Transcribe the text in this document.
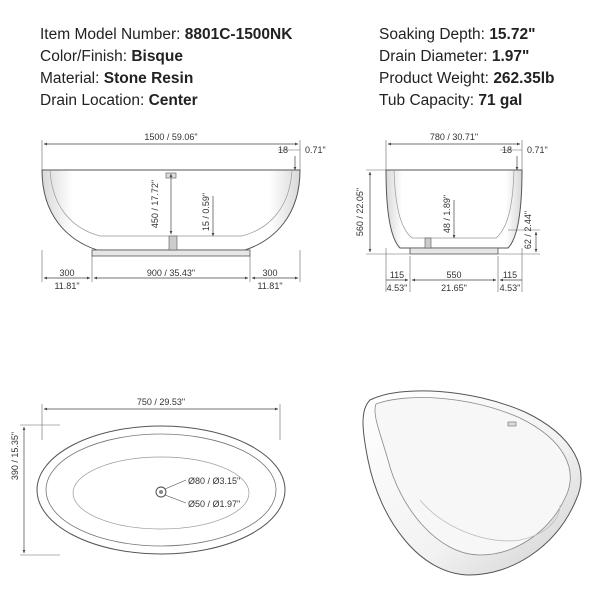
Item Model Number: 8801C-1500NK
Color/Finish: Bisque
Material: Stone Resin
Drain Location: Center
Soaking Depth: 15.72"
Drain Diameter: 1.97"
Product Weight: 262.35lb
Tub Capacity: 71 gal
1500 / 59.06"
18 0.71"
450 / 17.72"	15 / 0.59"
300
11.81"
900 / 35.43"	300
11.81"
780 / 30.71"
18 0.71"
560 / 22.05"	48 / 1.89"	62 / 2.44"
115
4.53"
550
21.65"
115
4.53"
750 / 29.53"
390 / 15.35"
Ø80 / Ø3.15"
Ø50 / Ø1.97"
